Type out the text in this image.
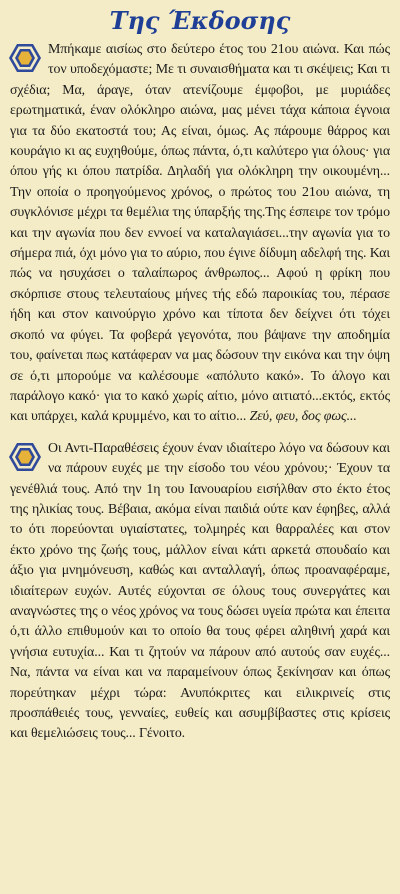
Της Έκδοσης

Μπήκαμε αισίως στο δεύτερο έτος του 21ου αιώνα. Και πώς τον υποδεχόμαστε; Με τι συναισθήματα και τι σκέψεις; Και τι σχέδια; Μα, άραγε, όταν ατενίζουμε έμφοβοι, με μυριάδες ερωτηματικά, έναν ολόκληρο αιώνα, μας μένει τάχα κάποια έγνοια για τα δύο εκατοστά του; Ας είναι, όμως. Ας πάρουμε θάρρος και κουράγιο κι ας ευχηθούμε, όπως πάντα, ό,τι καλύτερο για όλους· για όπου γής κι όπου πατρίδα. Δηλαδή για ολόκληρη την οικουμένη... Την οποία ο προηγούμενος χρόνος, ο πρώτος του 21ου αιώνα, τη συγκλόνισε μέχρι τα θεμέλια της ύπαρξής της.Της έσπειρε τον τρόμο και την αγωνία που δεν εννοεί να καταλαγιάσει...την αγωνία για το σήμερα πιά, όχι μόνο για το αύριο, που έγινε δίδυμη αδελφή της. Και πώς να ησυχάσει ο ταλαίπωρος άνθρωπος... Αφού η φρίκη που σκόρπισε στους τελευταίους μήνες τής εδώ παροικίας του, πέρασε ήδη και στον καινούργιο χρόνο και τίποτα δεν δείχνει ότι τόχει σκοπό να φύγει. Τα φοβερά γεγονότα, που βάψανε την αποδημία του, φαίνεται πως κατάφεραν να μας δώσουν την εικόνα και την όψη σε ό,τι μπορούμε να καλέσουμε «απόλυτο κακό». Το άλογο και παράλογο κακό· για το κακό χωρίς αίτιο, μόνο αιτιατό...εκτός, εκτός και υπάρχει, καλά κρυμμένο, και το αίτιο... Ζεύ, φευ, δος φως...

Οι Αντι-Παραθέσεις έχουν έναν ιδιαίτερο λόγο να δώσουν και να πάρουν ευχές με την είσοδο του νέου χρόνου;· Έχουν τα γενέθλιά τους. Από την 1η του Ιανουαρίου εισήλθαν στο έκτο έτος της ηλικίας τους. Βέβαια, ακόμα είναι παιδιά ούτε καν έφηβες, αλλά το ότι πορεύονται υγιαίστατες, τολμηρές και θαρραλέες και στον έκτο χρόνο της ζωής τους, μάλλον είναι κάτι αρκετά σπουδαίο και άξιο για μνημόνευση, καθώς και ανταλλαγή, όπως προαναφέραμε, ιδιαίτερων ευχών. Αυτές εύχονται σε όλους τους συνεργάτες και αναγνώστες της ο νέος χρόνος να τους δώσει υγεία πρώτα και έπειτα ό,τι άλλο επιθυμούν και το οποίο θα τους φέρει αληθινή χαρά και γνήσια ευτυχία... Και τι ζητούν να πάρουν από αυτούς σαν ευχές... Να, πάντα να είναι και να παραμείνουν όπως ξεκίνησαν και όπως πορεύτηκαν μέχρι τώρα: Ανυπόκριτες και ειλικρινείς στις προσπάθειές τους, γενναίες, ευθείς και ασυμβίβαστες στις κρίσεις και θεμελιώσεις τους... Γένοιτο.
